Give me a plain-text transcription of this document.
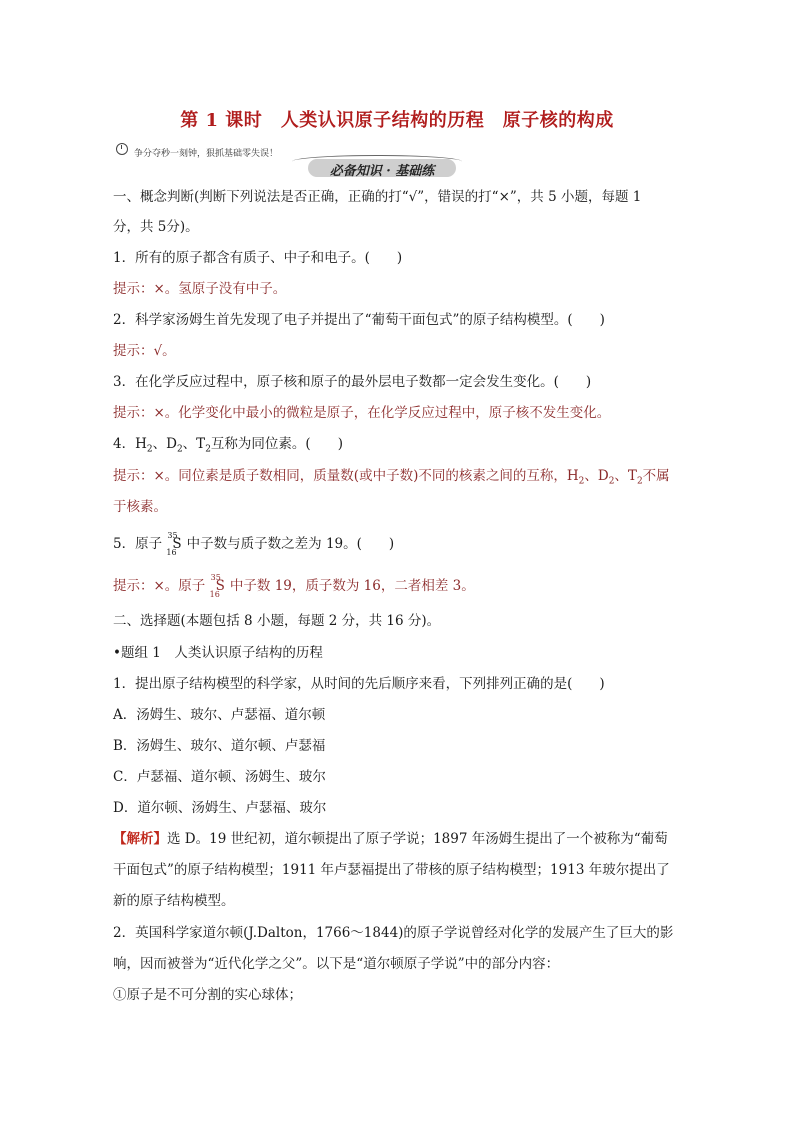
第 1 课时　人类认识原子结构的历程　原子核的构成
争分夺秒一刻钟，狠抓基础零失误！
必备知识 · 基础练
一、概念判断(判断下列说法是否正确，正确的打“√”，错误的打“×”，共 5 小题，每题 1
分，共 5分)。
1．所有的原子都含有质子、中子和电子。(　　)
提示：×。氢原子没有中子。
2．科学家汤姆生首先发现了电子并提出了“葡萄干面包式”的原子结构模型。(　　)
提示：√。
3．在化学反应过程中，原子核和原子的最外层电子数都一定会发生变化。(　　)
提示：×。化学变化中最小的微粒是原子，在化学反应过程中，原子核不发生变化。
4．$H_2$、$D_2$、$T_2$互称为同位素。(　　)
提示：×。同位素是质子数相同，质量数(或中子数)不同的核素之间的互称，$H_2$、$D_2$、$T_2$不属
于核素。
5．原子
35
16
S 中子数与质子数之差为 19。(　　)
提示：×。原子
35
16
S 中子数 19，质子数为 16，二者相差 3。
二、选择题(本题包括 8 小题，每题 2 分，共 16 分)。
•题组 1　人类认识原子结构的历程
1．提出原子结构模型的科学家，从时间的先后顺序来看，下列排列正确的是(　　)
A．汤姆生、玻尔、卢瑟福、道尔顿
B．汤姆生、玻尔、道尔顿、卢瑟福
C．卢瑟福、道尔顿、汤姆生、玻尔
D．道尔顿、汤姆生、卢瑟福、玻尔
【解析】选 D。19 世纪初，道尔顿提出了原子学说；1897 年汤姆生提出了一个被称为“葡萄
干面包式”的原子结构模型；1911 年卢瑟福提出了带核的原子结构模型；1913 年玻尔提出了
新的原子结构模型。
2．英国科学家道尔顿(J.Dalton，1766～1844)的原子学说曾经对化学的发展产生了巨大的影
响，因而被誉为“近代化学之父”。以下是“道尔顿原子学说”中的部分内容：
①原子是不可分割的实心球体；
